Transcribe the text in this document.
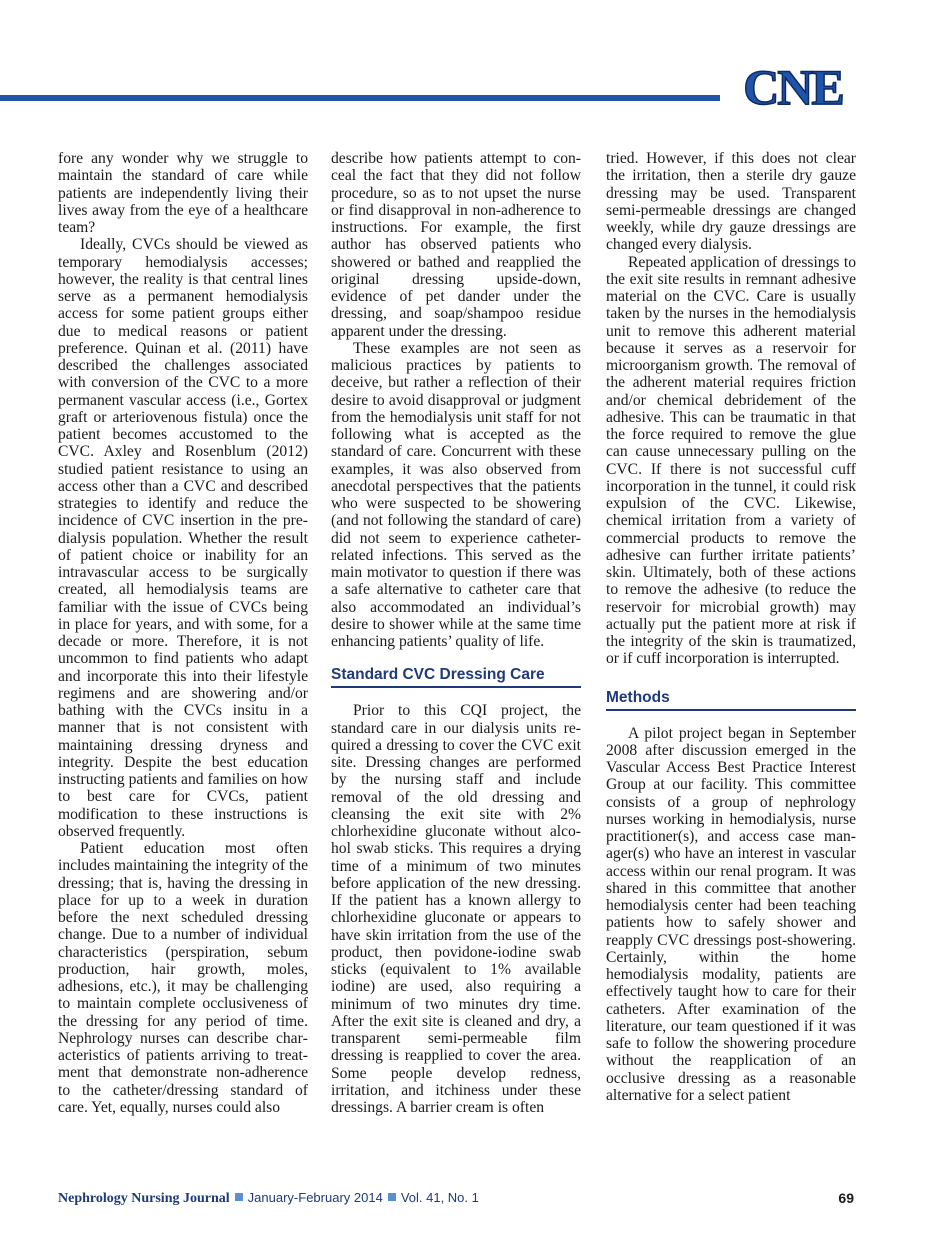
CNE

fore any wonder why we struggle to maintain the standard of care while patients are independently living their lives away from the eye of a healthcare team?

Ideally, CVCs should be viewed as temporary hemodialysis accesses; however, the reality is that central lines serve as a permanent hemodialysis access for some patient groups either due to medical reasons or patient preference. Quinan et al. (2011) have described the challenges associated with conversion of the CVC to a more permanent vascular access (i.e., Gortex graft or arteriovenous fistula) once the patient becomes accustomed to the CVC. Axley and Rosenblum (2012) studied patient resistance to using an access other than a CVC and described strategies to identify and reduce the incidence of CVC insertion in the pre-dialysis population. Whether the result of patient choice or inability for an intravascular access to be surgically created, all hemodialysis teams are familiar with the issue of CVCs being in place for years, and with some, for a decade or more. Therefore, it is not uncommon to find patients who adapt and incorporate this into their lifestyle regimens and are showering and/or bathing with the CVCs insitu in a manner that is not consistent with maintaining dressing dryness and integrity. Despite the best education instructing patients and families on how to best care for CVCs, patient modification to these instructions is observed frequently.

Patient education most often includes maintaining the integrity of the dressing; that is, having the dressing in place for up to a week in duration before the next scheduled dressing change. Due to a number of individual characteristics (perspiration, sebum production, hair growth, moles, adhesions, etc.), it may be challenging to maintain complete occlusiveness of the dressing for any period of time. Nephrology nurses can describe characteristics of patients arriving to treatment that demonstrate non-adherence to the catheter/dressing standard of care. Yet, equally, nurses could also

describe how patients attempt to conceal the fact that they did not follow procedure, so as to not upset the nurse or find disapproval in non-adherence to instructions. For example, the first author has observed patients who showered or bathed and reapplied the original dressing upside-down, evidence of pet dander under the dressing, and soap/shampoo residue apparent under the dressing.

These examples are not seen as malicious practices by patients to deceive, but rather a reflection of their desire to avoid disapproval or judgment from the hemodialysis unit staff for not following what is accepted as the standard of care. Concurrent with these examples, it was also observed from anecdotal perspectives that the patients who were suspected to be showering (and not following the standard of care) did not seem to experience catheter-related infections. This served as the main motivator to question if there was a safe alternative to catheter care that also accommodated an individual’s desire to shower while at the same time enhancing patients’ quality of life.

Standard CVC Dressing Care

Prior to this CQI project, the standard care in our dialysis units required a dressing to cover the CVC exit site. Dressing changes are performed by the nursing staff and include removal of the old dressing and cleansing the exit site with 2% chlorhexidine gluconate without alcohol swab sticks. This requires a drying time of a minimum of two minutes before application of the new dressing. If the patient has a known allergy to chlorhexidine gluconate or appears to have skin irritation from the use of the product, then povidone-iodine swab sticks (equivalent to 1% available iodine) are used, also requiring a minimum of two minutes dry time. After the exit site is cleaned and dry, a transparent semi-permeable film dressing is reapplied to cover the area. Some people develop redness, irritation, and itchiness under these dressings. A barrier cream is often

tried. However, if this does not clear the irritation, then a sterile dry gauze dressing may be used. Transparent semi-permeable dressings are changed weekly, while dry gauze dressings are changed every dialysis.

Repeated application of dressings to the exit site results in remnant adhesive material on the CVC. Care is usually taken by the nurses in the hemodialysis unit to remove this adherent material because it serves as a reservoir for microorganism growth. The removal of the adherent material requires friction and/or chemical debridement of the adhesive. This can be traumatic in that the force required to remove the glue can cause unnecessary pulling on the CVC. If there is not successful cuff incorporation in the tunnel, it could risk expulsion of the CVC. Likewise, chemical irritation from a variety of commercial products to remove the adhesive can further irritate patients’ skin. Ultimately, both of these actions to remove the adhesive (to reduce the reservoir for microbial growth) may actually put the patient more at risk if the integrity of the skin is traumatized, or if cuff incorporation is interrupted.

Methods

A pilot project began in September 2008 after discussion emerged in the Vascular Access Best Practice Interest Group at our facility. This committee consists of a group of nephrology nurses working in hemodialysis, nurse practitioner(s), and access case manager(s) who have an interest in vascular access within our renal program. It was shared in this committee that another hemodialysis center had been teaching patients how to safely shower and reapply CVC dressings post-showering. Certainly, within the home hemodialysis modality, patients are effectively taught how to care for their catheters. After examination of the literature, our team questioned if it was safe to follow the showering procedure without the reapplication of an occlusive dressing as a reasonable alternative for a select patient

Nephrology Nursing Journal January-February 2014 Vol. 41, No. 1	69
